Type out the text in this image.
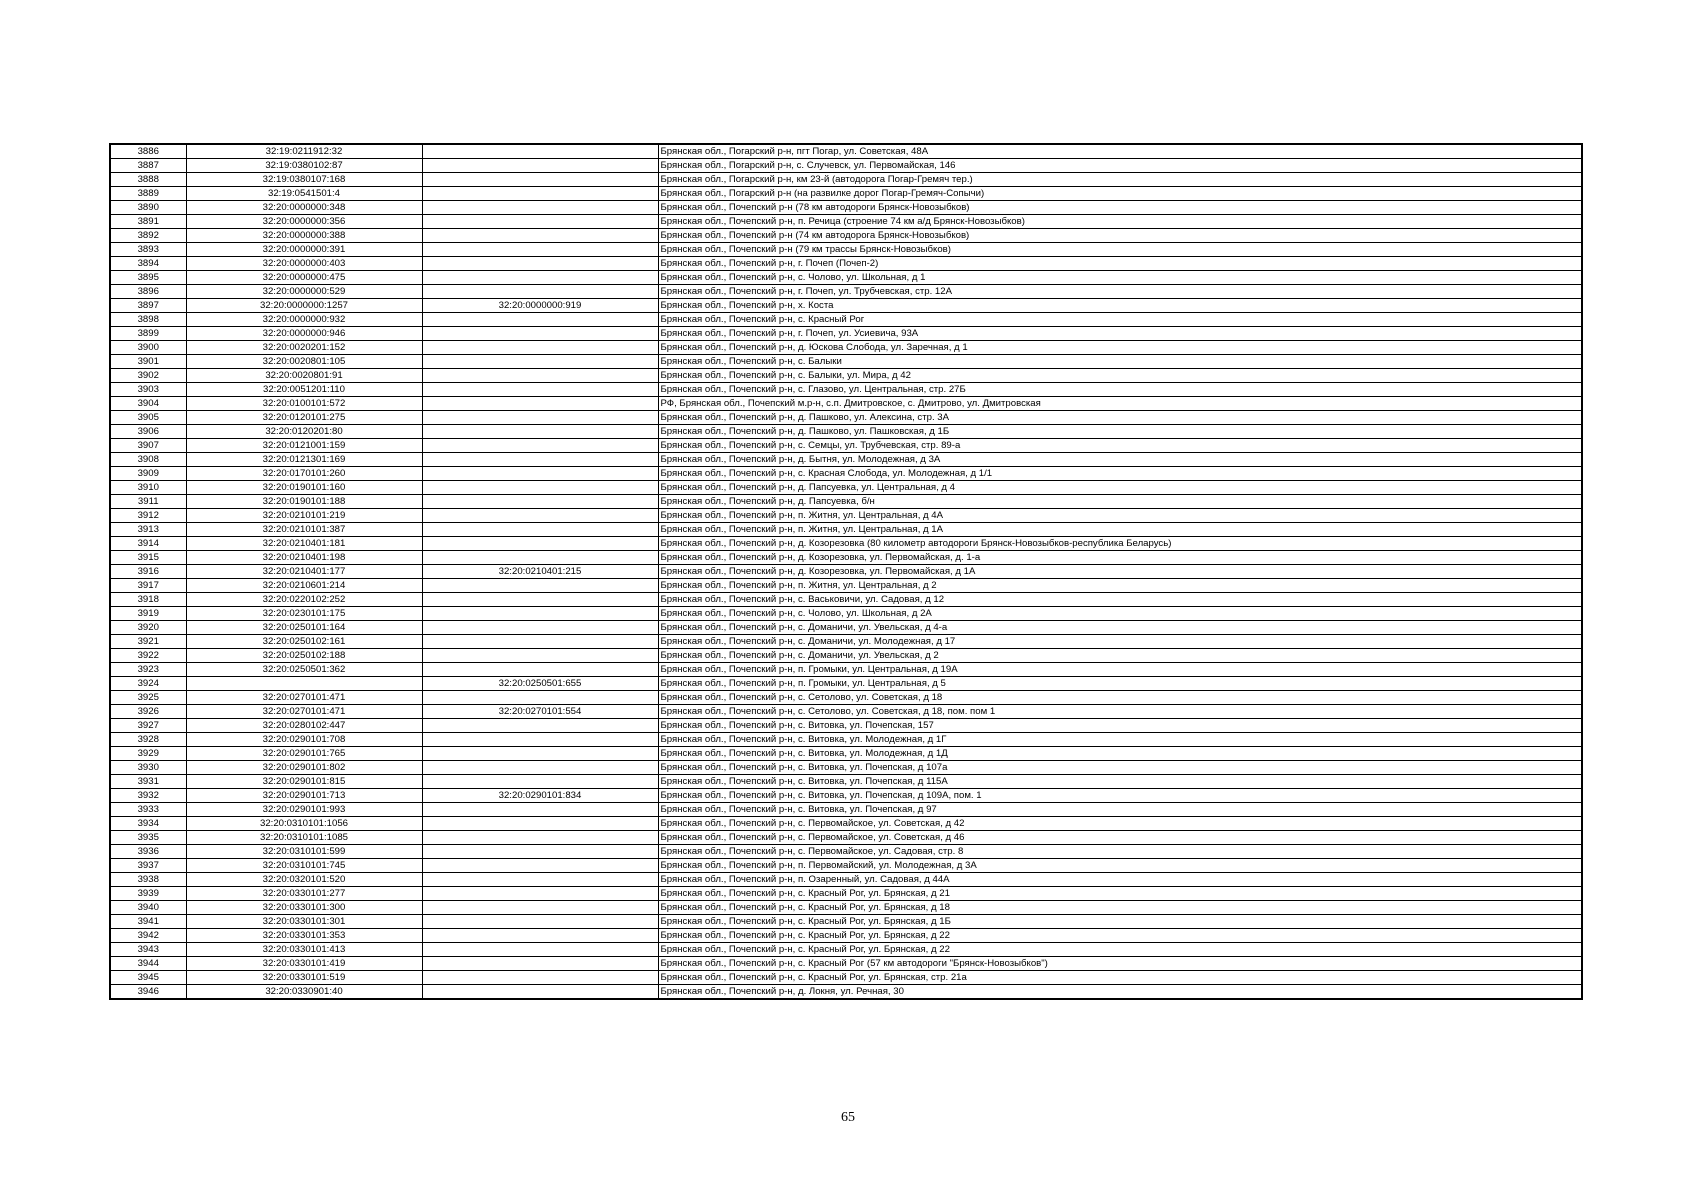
3886	32:19:0211912:32		Брянская обл., Погарский р-н, пгт Погар, ул. Советская, 48А
3887	32:19:0380102:87		Брянская обл., Погарский р-н, с. Случевск, ул. Первомайская, 146
3888	32:19:0380107:168		Брянская обл., Погарский р-н, км 23-й (автодорога Погар-Гремяч тер.)
3889	32:19:0541501:4		Брянская обл., Погарский р-н (на развилке дорог Погар-Гремяч-Сопычи)
3890	32:20:0000000:348		Брянская обл., Почепский р-н (78 км автодороги Брянск-Новозыбков)
3891	32:20:0000000:356		Брянская обл., Почепский р-н, п. Речица (строение 74 км а/д Брянск-Новозыбков)
3892	32:20:0000000:388		Брянская обл., Почепский р-н (74 км автодорога Брянск-Новозыбков)
3893	32:20:0000000:391		Брянская обл., Почепский р-н (79 км трассы Брянск-Новозыбков)
3894	32:20:0000000:403		Брянская обл., Почепский р-н, г. Почеп (Почеп-2)
3895	32:20:0000000:475		Брянская обл., Почепский р-н, с. Чолово, ул. Школьная, д 1
3896	32:20:0000000:529		Брянская обл., Почепский р-н, г. Почеп, ул. Трубчевская, стр. 12А
3897	32:20:0000000:1257	32:20:0000000:919	Брянская обл., Почепский р-н, х. Коста
3898	32:20:0000000:932		Брянская обл., Почепский р-н, с. Красный Рог
3899	32:20:0000000:946		Брянская обл., Почепский р-н, г. Почеп, ул. Усиевича, 93А
3900	32:20:0020201:152		Брянская обл., Почепский р-н, д. Юскова Слобода, ул. Заречная, д 1
3901	32:20:0020801:105		Брянская обл., Почепский р-н, с. Балыки
3902	32:20:0020801:91		Брянская обл., Почепский р-н, с. Балыки, ул. Мира, д 42
3903	32:20:0051201:110		Брянская обл., Почепский р-н, с. Глазово, ул. Центральная, стр. 27Б
3904	32:20:0100101:572		РФ, Брянская обл., Почепский м.р-н, с.п. Дмитровское, с. Дмитрово, ул. Дмитровская
3905	32:20:0120101:275		Брянская обл., Почепский р-н, д. Пашково, ул. Алексина, стр. 3А
3906	32:20:0120201:80		Брянская обл., Почепский р-н, д. Пашково, ул. Пашковская, д 1Б
3907	32:20:0121001:159		Брянская обл., Почепский р-н, с. Семцы, ул. Трубчевская, стр. 89-а
3908	32:20:0121301:169		Брянская обл., Почепский р-н, д. Бытня, ул. Молодежная, д 3А
3909	32:20:0170101:260		Брянская обл., Почепский р-н, с. Красная Слобода, ул. Молодежная, д 1/1
3910	32:20:0190101:160		Брянская обл., Почепский р-н, д. Папсуевка, ул. Центральная, д 4
3911	32:20:0190101:188		Брянская обл., Почепский р-н, д. Папсуевка, б/н
3912	32:20:0210101:219		Брянская обл., Почепский р-н, п. Житня, ул. Центральная, д 4А
3913	32:20:0210101:387		Брянская обл., Почепский р-н, п. Житня, ул. Центральная, д 1А
3914	32:20:0210401:181		Брянская обл., Почепский р-н, д. Козорезовка (80 километр автодороги Брянск-Новозыбков-республика Беларусь)
3915	32:20:0210401:198		Брянская обл., Почепский р-н, д. Козорезовка, ул. Первомайская, д. 1-а
3916	32:20:0210401:177	32:20:0210401:215	Брянская обл., Почепский р-н, д. Козорезовка, ул. Первомайская, д 1А
3917	32:20:0210601:214		Брянская обл., Почепский р-н, п. Житня, ул. Центральная, д 2
3918	32:20:0220102:252		Брянская обл., Почепский р-н, с. Васьковичи, ул. Садовая, д 12
3919	32:20:0230101:175		Брянская обл., Почепский р-н, с. Чолово, ул. Школьная, д 2А
3920	32:20:0250101:164		Брянская обл., Почепский р-н, с. Доманичи, ул. Увельская, д 4-а
3921	32:20:0250102:161		Брянская обл., Почепский р-н, с. Доманичи, ул. Молодежная, д 17
3922	32:20:0250102:188		Брянская обл., Почепский р-н, с. Доманичи, ул. Увельская, д 2
3923	32:20:0250501:362		Брянская обл., Почепский р-н, п. Громыки, ул. Центральная, д 19А
3924		32:20:0250501:655	Брянская обл., Почепский р-н, п. Громыки, ул. Центральная, д 5
3925	32:20:0270101:471		Брянская обл., Почепский р-н, с. Сетолово, ул. Советская, д 18
3926	32:20:0270101:471	32:20:0270101:554	Брянская обл., Почепский р-н, с. Сетолово, ул. Советская, д 18, пом. пом 1
3927	32:20:0280102:447		Брянская обл., Почепский р-н, с. Витовка, ул. Почепская, 157
3928	32:20:0290101:708		Брянская обл., Почепский р-н, с. Витовка, ул. Молодежная, д 1Г
3929	32:20:0290101:765		Брянская обл., Почепский р-н, с. Витовка, ул. Молодежная, д 1Д
3930	32:20:0290101:802		Брянская обл., Почепский р-н, с. Витовка, ул. Почепская, д 107а
3931	32:20:0290101:815		Брянская обл., Почепский р-н, с. Витовка, ул. Почепская, д 115А
3932	32:20:0290101:713	32:20:0290101:834	Брянская обл., Почепский р-н, с. Витовка, ул. Почепская, д 109А, пом. 1
3933	32:20:0290101:993		Брянская обл., Почепский р-н, с. Витовка, ул. Почепская, д 97
3934	32:20:0310101:1056		Брянская обл., Почепский р-н, с. Первомайское, ул. Советская, д 42
3935	32:20:0310101:1085		Брянская обл., Почепский р-н, с. Первомайское, ул. Советская, д 46
3936	32:20:0310101:599		Брянская обл., Почепский р-н, с. Первомайское, ул. Садовая, стр. 8
3937	32:20:0310101:745		Брянская обл., Почепский р-н, п. Первомайский, ул. Молодежная, д 3А
3938	32:20:0320101:520		Брянская обл., Почепский р-н, п. Озаренный, ул. Садовая, д 44А
3939	32:20:0330101:277		Брянская обл., Почепский р-н, с. Красный Рог, ул. Брянская, д 21
3940	32:20:0330101:300		Брянская обл., Почепский р-н, с. Красный Рог, ул. Брянская, д 18
3941	32:20:0330101:301		Брянская обл., Почепский р-н, с. Красный Рог, ул. Брянская, д 1Б
3942	32:20:0330101:353		Брянская обл., Почепский р-н, с. Красный Рог, ул. Брянская, д 22
3943	32:20:0330101:413		Брянская обл., Почепский р-н, с. Красный Рог, ул. Брянская, д 22
3944	32:20:0330101:419		Брянская обл., Почепский р-н, с. Красный Рог (57 км автодороги "Брянск-Новозыбков")
3945	32:20:0330101:519		Брянская обл., Почепский р-н, с. Красный Рог, ул. Брянская, стр. 21а
3946	32:20:0330901:40		Брянская обл., Почепский р-н, д. Локня, ул. Речная, 30
65
